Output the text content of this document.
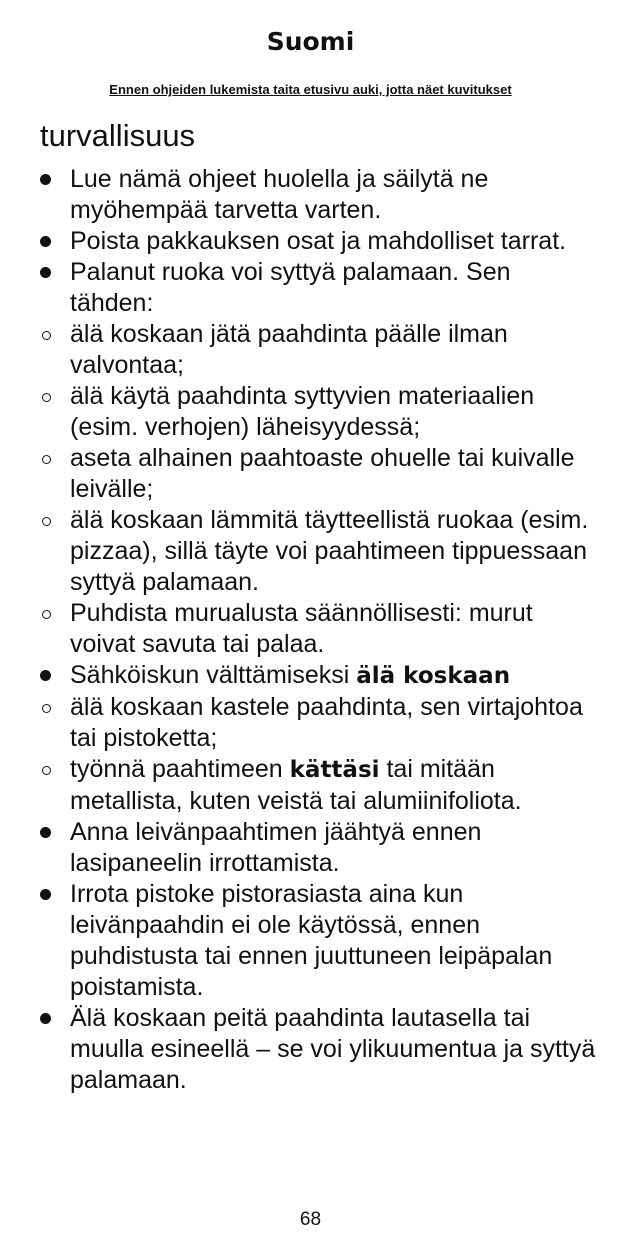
Suomi
Ennen ohjeiden lukemista taita etusivu auki, jotta näet kuvitukset
turvallisuus
Lue nämä ohjeet huolella ja säilytä ne myöhempää tarvetta varten.
Poista pakkauksen osat ja mahdolliset tarrat.
Palanut ruoka voi syttyä palamaan. Sen tähden:
älä koskaan jätä paahdinta päälle ilman valvontaa;
älä käytä paahdinta syttyvien materiaalien (esim. verhojen) läheisyydessä;
aseta alhainen paahtoaste ohuelle tai kuivalle leivälle;
älä koskaan lämmitä täytteellistä ruokaa (esim. pizzaa), sillä täyte voi paahtimeen tippuessaan syttyä palamaan.
Puhdista murualusta säännöllisesti: murut voivat savuta tai palaa.
Sähköiskun välttämiseksi älä koskaan
älä koskaan kastele paahdinta, sen virtajohtoa tai pistoketta;
työnnä paahtimeen kättäsi tai mitään metallista, kuten veistä tai alumiinifoliota.
Anna leivänpaahtimen jäähtyä ennen lasipaneelin irrottamista.
Irrota pistoke pistorasiasta aina kun leivänpaahdin ei ole käytössä, ennen puhdistusta tai ennen juuttuneen leipäpalan poistamista.
Älä koskaan peitä paahdinta lautasella tai muulla esineellä – se voi ylikuumentua ja syttyä palamaan.
68
